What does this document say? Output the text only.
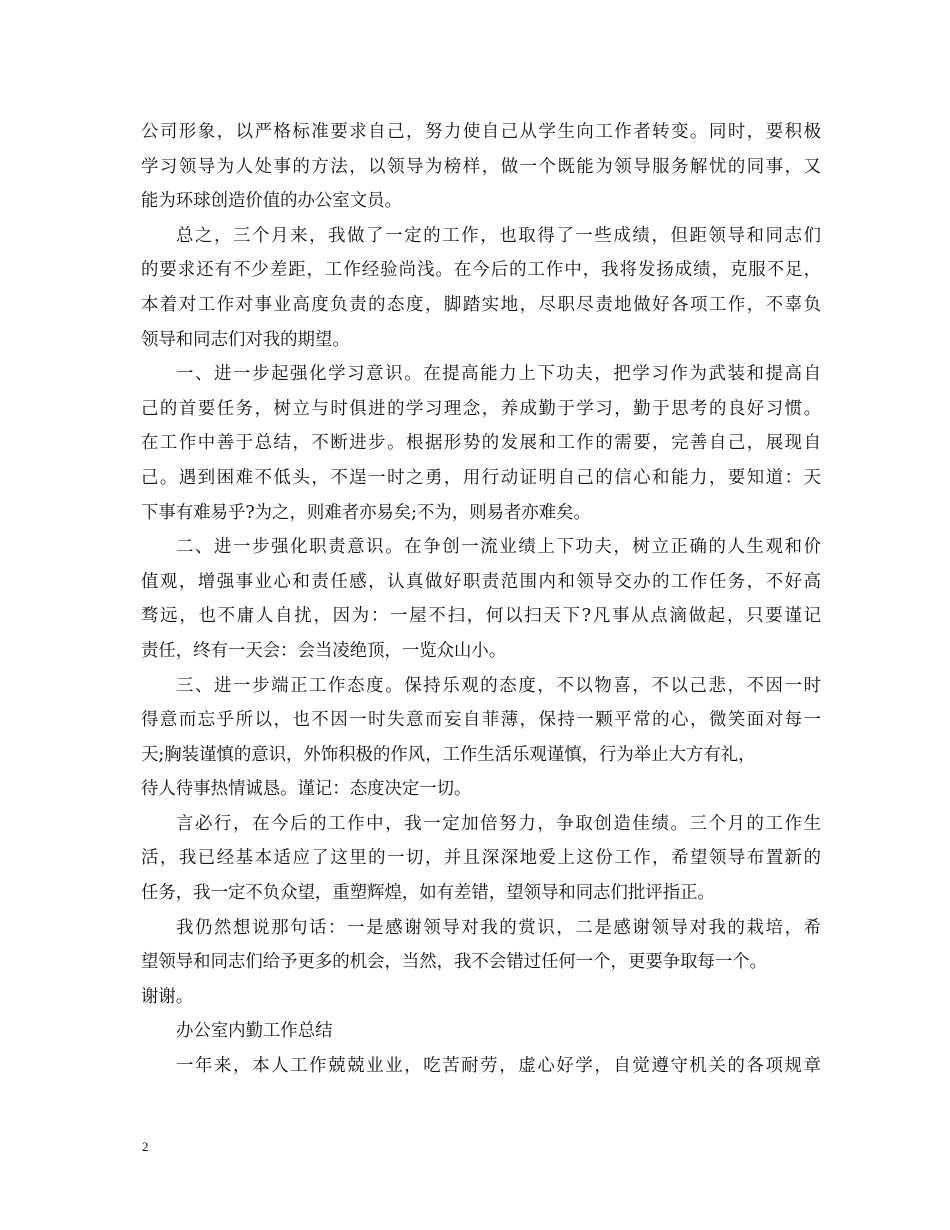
公司形象，以严格标准要求自己，努力使自己从学生向工作者转变。同时，要积极
学习领导为人处事的方法，以领导为榜样，做一个既能为领导服务解忧的同事，又
能为环球创造价值的办公室文员。
总之，三个月来，我做了一定的工作，也取得了一些成绩，但距领导和同志们
的要求还有不少差距，工作经验尚浅。在今后的工作中，我将发扬成绩，克服不足，
本着对工作对事业高度负责的态度，脚踏实地，尽职尽责地做好各项工作，不辜负
领导和同志们对我的期望。
一、进一步起强化学习意识。在提高能力上下功夫，把学习作为武装和提高自
己的首要任务，树立与时俱进的学习理念，养成勤于学习，勤于思考的良好习惯。
在工作中善于总结，不断进步。根据形势的发展和工作的需要，完善自己，展现自
己。遇到困难不低头，不逞一时之勇，用行动证明自己的信心和能力，要知道：天
下事有难易乎?为之，则难者亦易矣;不为，则易者亦难矣。
二、进一步强化职责意识。在争创一流业绩上下功夫，树立正确的人生观和价
值观，增强事业心和责任感，认真做好职责范围内和领导交办的工作任务，不好高
骛远，也不庸人自扰，因为：一屋不扫，何以扫天下?凡事从点滴做起，只要谨记
责任，终有一天会：会当凌绝顶，一览众山小。
三、进一步端正工作态度。保持乐观的态度，不以物喜，不以己悲，不因一时
得意而忘乎所以，也不因一时失意而妄自菲薄，保持一颗平常的心，微笑面对每一
天;胸装谨慎的意识，外饰积极的作风，工作生活乐观谨慎，行为举止大方有礼，
待人待事热情诚恳。谨记：态度决定一切。
言必行，在今后的工作中，我一定加倍努力，争取创造佳绩。三个月的工作生
活，我已经基本适应了这里的一切，并且深深地爱上这份工作，希望领导布置新的
任务，我一定不负众望，重塑辉煌，如有差错，望领导和同志们批评指正。
我仍然想说那句话：一是感谢领导对我的赏识，二是感谢领导对我的栽培，希
望领导和同志们给予更多的机会，当然，我不会错过任何一个，更要争取每一个。
谢谢。
办公室内勤工作总结
一年来，本人工作兢兢业业，吃苦耐劳，虚心好学，自觉遵守机关的各项规章
2
